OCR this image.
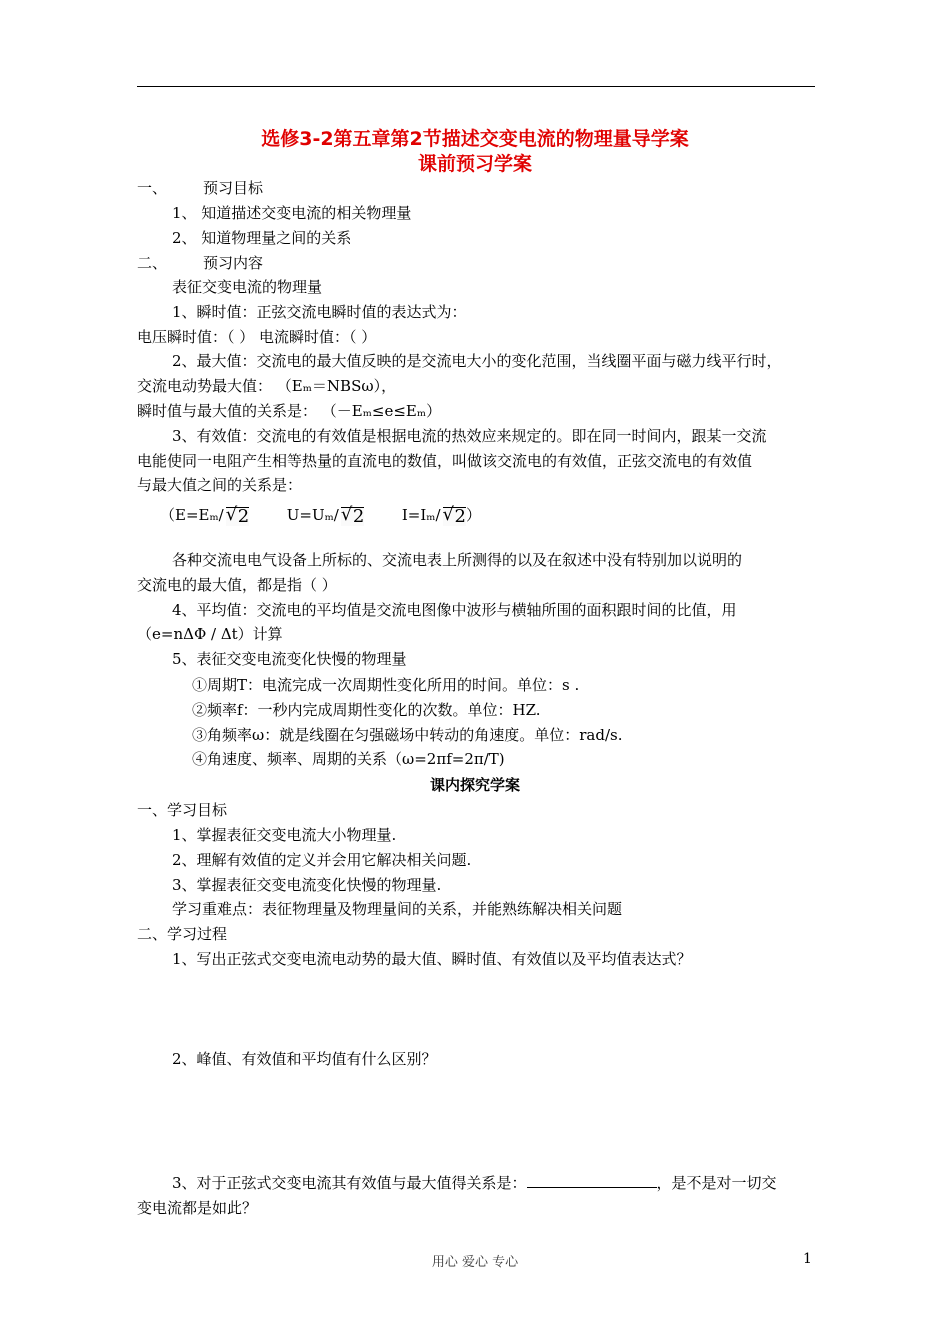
选修3-2第五章第2节描述交变电流的物理量导学案
课前预习学案
一、 预习目标
1、 知道描述交变电流的相关物理量
2、 知道物理量之间的关系
二、 预习内容
表征交变电流的物理量
1、瞬时值：正弦交流电瞬时值的表达式为：
电压瞬时值：（ ） 电流瞬时值：（ ）
2、最大值：交流电的最大值反映的是交流电大小的变化范围，当线圈平面与磁力线平行时，
交流电动势最大值： （Eₘ＝NBSω），
瞬时值与最大值的关系是： （－Eₘ≤e≤Eₘ）
3、有效值：交流电的有效值是根据电流的热效应来规定的。即在同一时间内，跟某一交流
电能使同一电阻产生相等热量的直流电的数值，叫做该交流电的有效值，正弦交流电的有效值
与最大值之间的关系是：
（E=Eₘ/ √ 2	U=Uₘ/ √ 2	I=Iₘ/ √ 2）
各种交流电电气设备上所标的、交流电表上所测得的以及在叙述中没有特别加以说明的
交流电的最大值，都是指（ ）
4、平均值：交流电的平均值是交流电图像中波形与横轴所围的面积跟时间的比值，用
（e=nΔΦ / Δt）计算
5、表征交变电流变化快慢的物理量
①周期T：电流完成一次周期性变化所用的时间。单位：s .
②频率f：一秒内完成周期性变化的次数。单位：HZ.
③角频率ω：就是线圈在匀强磁场中转动的角速度。单位：rad/s.
④角速度、频率、周期的关系（ω=2πf=2π/T)
课内探究学案
一、学习目标
1、掌握表征交变电流大小物理量.
2、理解有效值的定义并会用它解决相关问题.
3、掌握表征交变电流变化快慢的物理量.
学习重难点：表征物理量及物理量间的关系，并能熟练解决相关问题
二、学习过程
1、写出正弦式交变电流电动势的最大值、瞬时值、有效值以及平均值表达式？
2、峰值、有效值和平均值有什么区别？
3、对于正弦式交变电流其有效值与最大值得关系是：	，是不是对一切交
变电流都是如此？
用心 爱心 专心	1
